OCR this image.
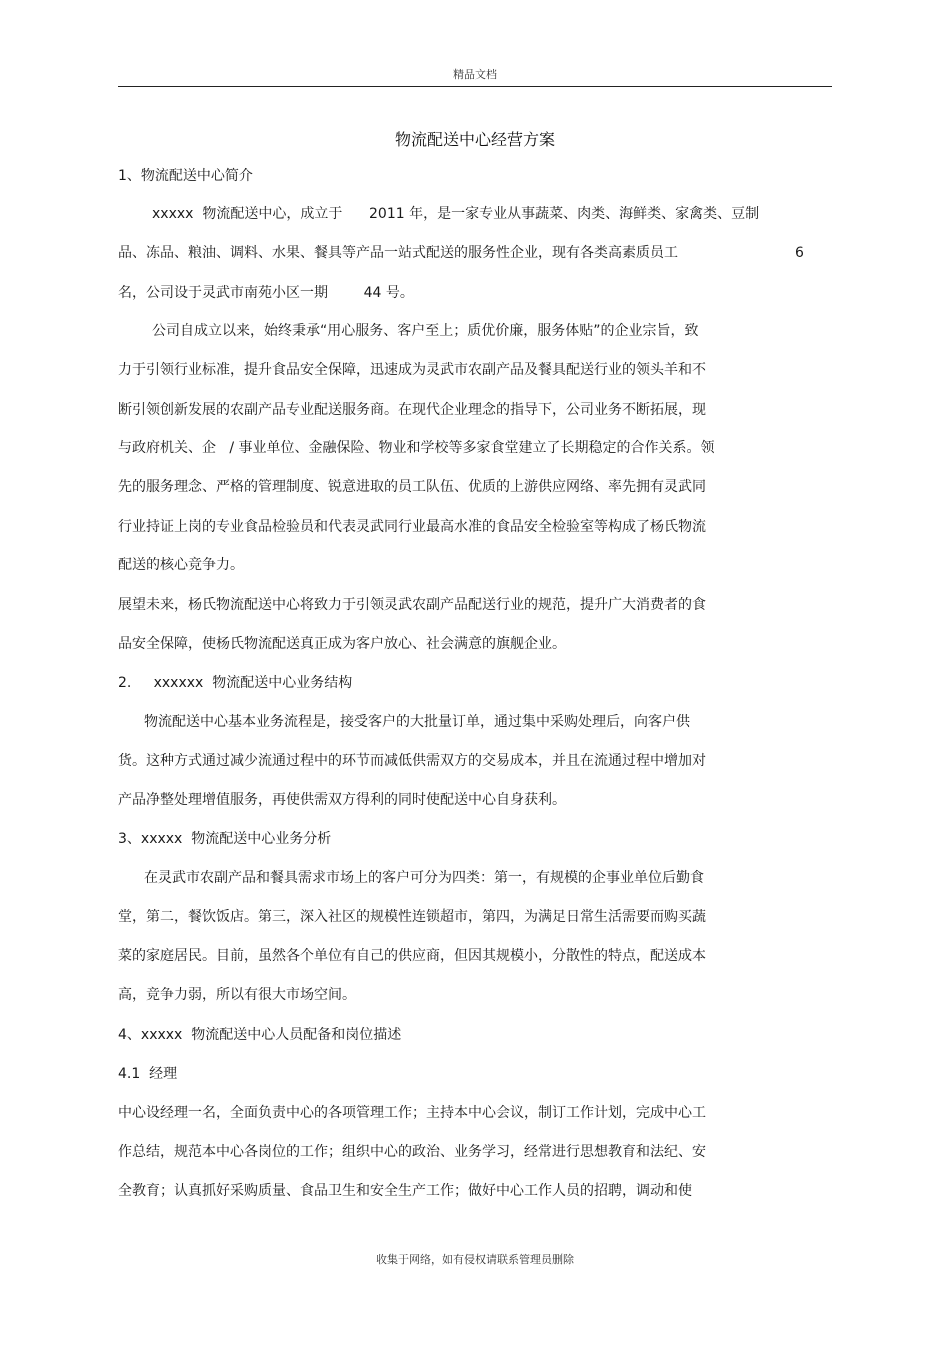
精品文档
物流配送中心经营方案
1、物流配送中心简介
xxxxx  物流配送中心，成立于      2011 年，是一家专业从事蔬菜、肉类、海鲜类、家禽类、豆制
品、冻品、粮油、调料、水果、餐具等产品一站式配送的服务性企业，现有各类高素质员工	6
名，公司设于灵武市南苑小区一期        44 号。
公司自成立以来，始终秉承“用心服务、客户至上；质优价廉，服务体贴”的企业宗旨，致
力于引领行业标准，提升食品安全保障，迅速成为灵武市农副产品及餐具配送行业的领头羊和不
断引领创新发展的农副产品专业配送服务商。在现代企业理念的指导下，公司业务不断拓展，现
与政府机关、企   / 事业单位、金融保险、物业和学校等多家食堂建立了长期稳定的合作关系。领
先的服务理念、严格的管理制度、锐意进取的员工队伍、优质的上游供应网络、率先拥有灵武同
行业持证上岗的专业食品检验员和代表灵武同行业最高水准的食品安全检验室等构成了杨氏物流
配送的核心竞争力。
展望未来，杨氏物流配送中心将致力于引领灵武农副产品配送行业的规范，提升广大消费者的食
品安全保障，使杨氏物流配送真正成为客户放心、社会满意的旗舰企业。
2.     xxxxxx  物流配送中心业务结构
物流配送中心基本业务流程是，接受客户的大批量订单，通过集中采购处理后，向客户供
货。这种方式通过减少流通过程中的环节而减低供需双方的交易成本，并且在流通过程中增加对
产品净整处理增值服务，再使供需双方得利的同时使配送中心自身获利。
3、xxxxx  物流配送中心业务分析
在灵武市农副产品和餐具需求市场上的客户可分为四类：第一，有规模的企事业单位后勤食
堂，第二，餐饮饭店。第三，深入社区的规模性连锁超市，第四，为满足日常生活需要而购买蔬
菜的家庭居民。目前，虽然各个单位有自己的供应商，但因其规模小，分散性的特点，配送成本
高，竞争力弱，所以有很大市场空间。
4、xxxxx  物流配送中心人员配备和岗位描述
4.1  经理
中心设经理一名，全面负责中心的各项管理工作；主持本中心会议，制订工作计划，完成中心工
作总结，规范本中心各岗位的工作；组织中心的政治、业务学习，经常进行思想教育和法纪、安
全教育；认真抓好采购质量、食品卫生和安全生产工作；做好中心工作人员的招聘，调动和使
收集于网络，如有侵权请联系管理员删除
